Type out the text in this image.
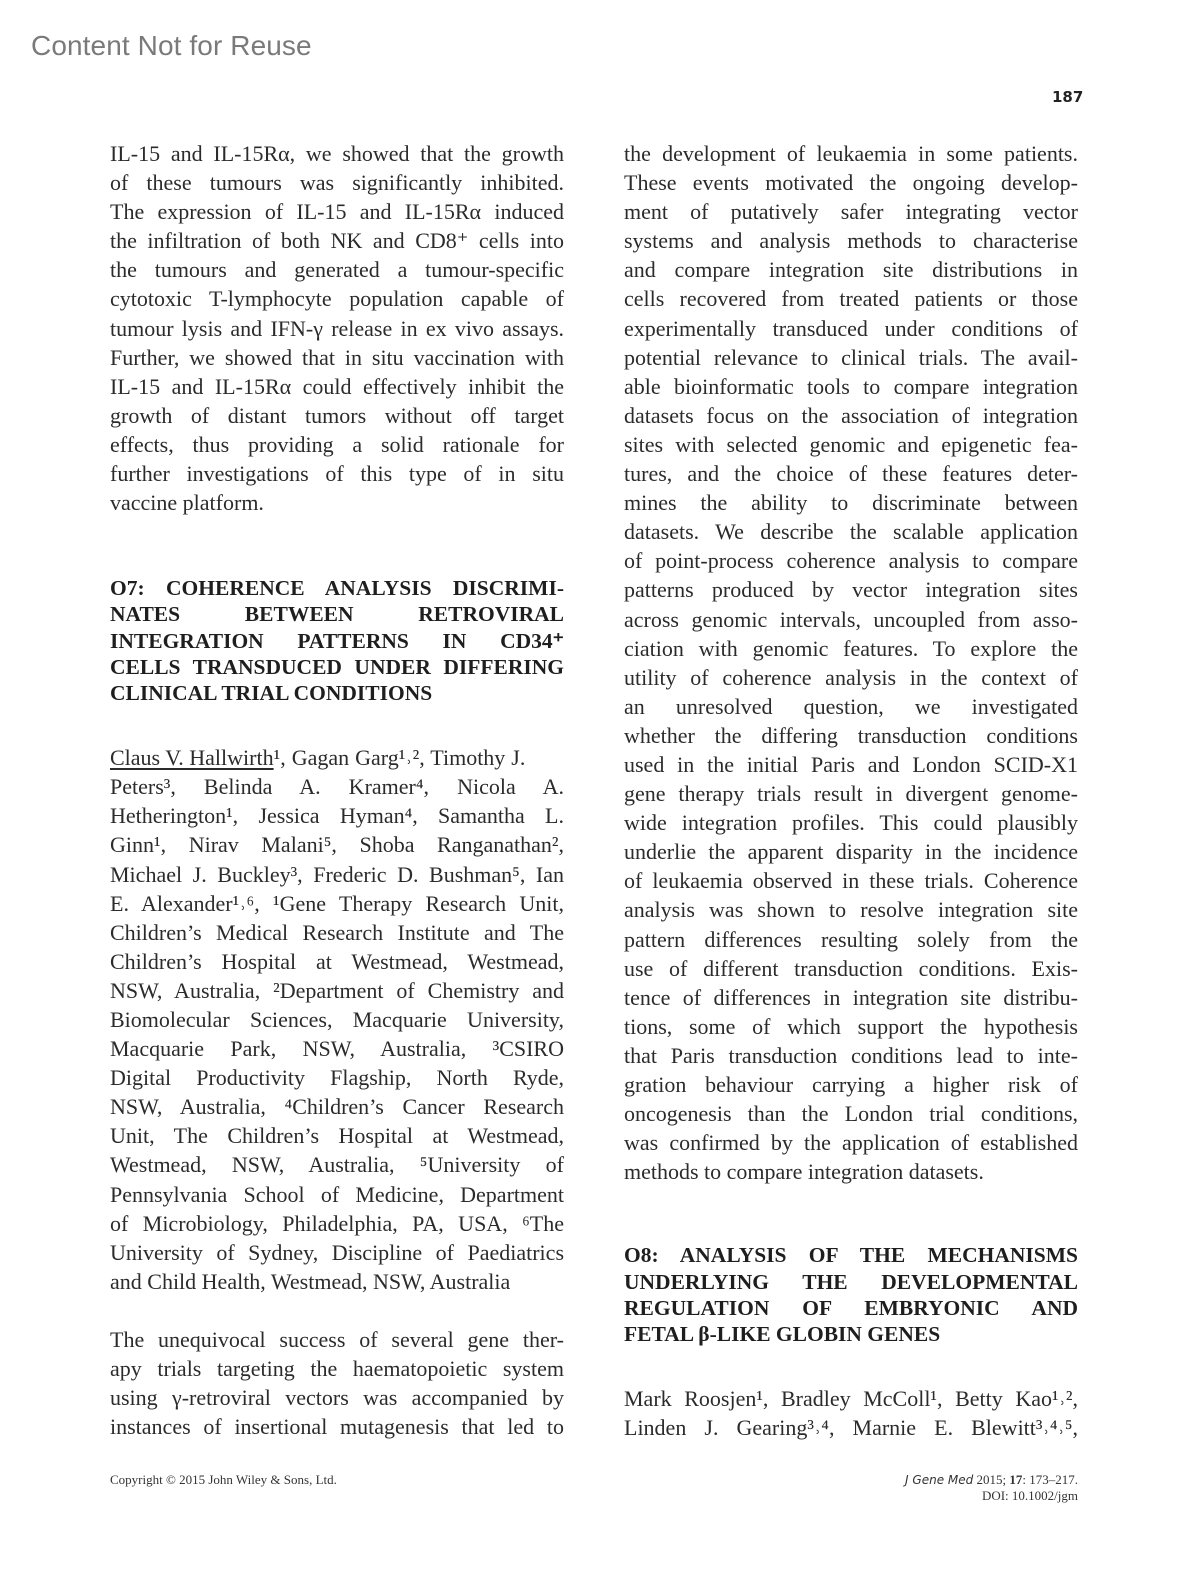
Content Not for Reuse
187
IL-15 and IL-15Rα, we showed that the growth
of these tumours was significantly inhibited.
The expression of IL-15 and IL-15Rα induced
the infiltration of both NK and CD8⁺ cells into
the tumours and generated a tumour-specific
cytotoxic T-lymphocyte population capable of
tumour lysis and IFN-γ release in ex vivo assays.
Further, we showed that in situ vaccination with
IL-15 and IL-15Rα could effectively inhibit the
growth of distant tumors without off target
effects, thus providing a solid rationale for
further investigations of this type of in situ
vaccine platform.
O7: COHERENCE ANALYSIS DISCRIMI-
NATES BETWEEN RETROVIRAL
INTEGRATION PATTERNS IN CD34⁺
CELLS TRANSDUCED UNDER DIFFERING
CLINICAL TRIAL CONDITIONS
Claus V. Hallwirth¹, Gagan Garg¹˒², Timothy J.
Peters³, Belinda A. Kramer⁴, Nicola A.
Hetherington¹, Jessica Hyman⁴, Samantha L.
Ginn¹, Nirav Malani⁵, Shoba Ranganathan²,
Michael J. Buckley³, Frederic D. Bushman⁵, Ian
E. Alexander¹˒⁶, ¹Gene Therapy Research Unit,
Children’s Medical Research Institute and The
Children’s Hospital at Westmead, Westmead,
NSW, Australia, ²Department of Chemistry and
Biomolecular Sciences, Macquarie University,
Macquarie Park, NSW, Australia, ³CSIRO
Digital Productivity Flagship, North Ryde,
NSW, Australia, ⁴Children’s Cancer Research
Unit, The Children’s Hospital at Westmead,
Westmead, NSW, Australia, ⁵University of
Pennsylvania School of Medicine, Department
of Microbiology, Philadelphia, PA, USA, ⁶The
University of Sydney, Discipline of Paediatrics
and Child Health, Westmead, NSW, Australia
The unequivocal success of several gene ther-
apy trials targeting the haematopoietic system
using γ-retroviral vectors was accompanied by
instances of insertional mutagenesis that led to
the development of leukaemia in some patients.
These events motivated the ongoing develop-
ment of putatively safer integrating vector
systems and analysis methods to characterise
and compare integration site distributions in
cells recovered from treated patients or those
experimentally transduced under conditions of
potential relevance to clinical trials. The avail-
able bioinformatic tools to compare integration
datasets focus on the association of integration
sites with selected genomic and epigenetic fea-
tures, and the choice of these features deter-
mines the ability to discriminate between
datasets. We describe the scalable application
of point-process coherence analysis to compare
patterns produced by vector integration sites
across genomic intervals, uncoupled from asso-
ciation with genomic features. To explore the
utility of coherence analysis in the context of
an unresolved question, we investigated
whether the differing transduction conditions
used in the initial Paris and London SCID-X1
gene therapy trials result in divergent genome-
wide integration profiles. This could plausibly
underlie the apparent disparity in the incidence
of leukaemia observed in these trials. Coherence
analysis was shown to resolve integration site
pattern differences resulting solely from the
use of different transduction conditions. Exis-
tence of differences in integration site distribu-
tions, some of which support the hypothesis
that Paris transduction conditions lead to inte-
gration behaviour carrying a higher risk of
oncogenesis than the London trial conditions,
was confirmed by the application of established
methods to compare integration datasets.
O8: ANALYSIS OF THE MECHANISMS
UNDERLYING THE DEVELOPMENTAL
REGULATION OF EMBRYONIC AND
FETAL β-LIKE GLOBIN GENES
Mark Roosjen¹, Bradley McColl¹, Betty Kao¹˒²,
Linden J. Gearing³˒⁴, Marnie E. Blewitt³˒⁴˒⁵,
Copyright © 2015 John Wiley & Sons, Ltd.	J Gene Med 2015; 17: 173–217.
DOI: 10.1002/jgm
